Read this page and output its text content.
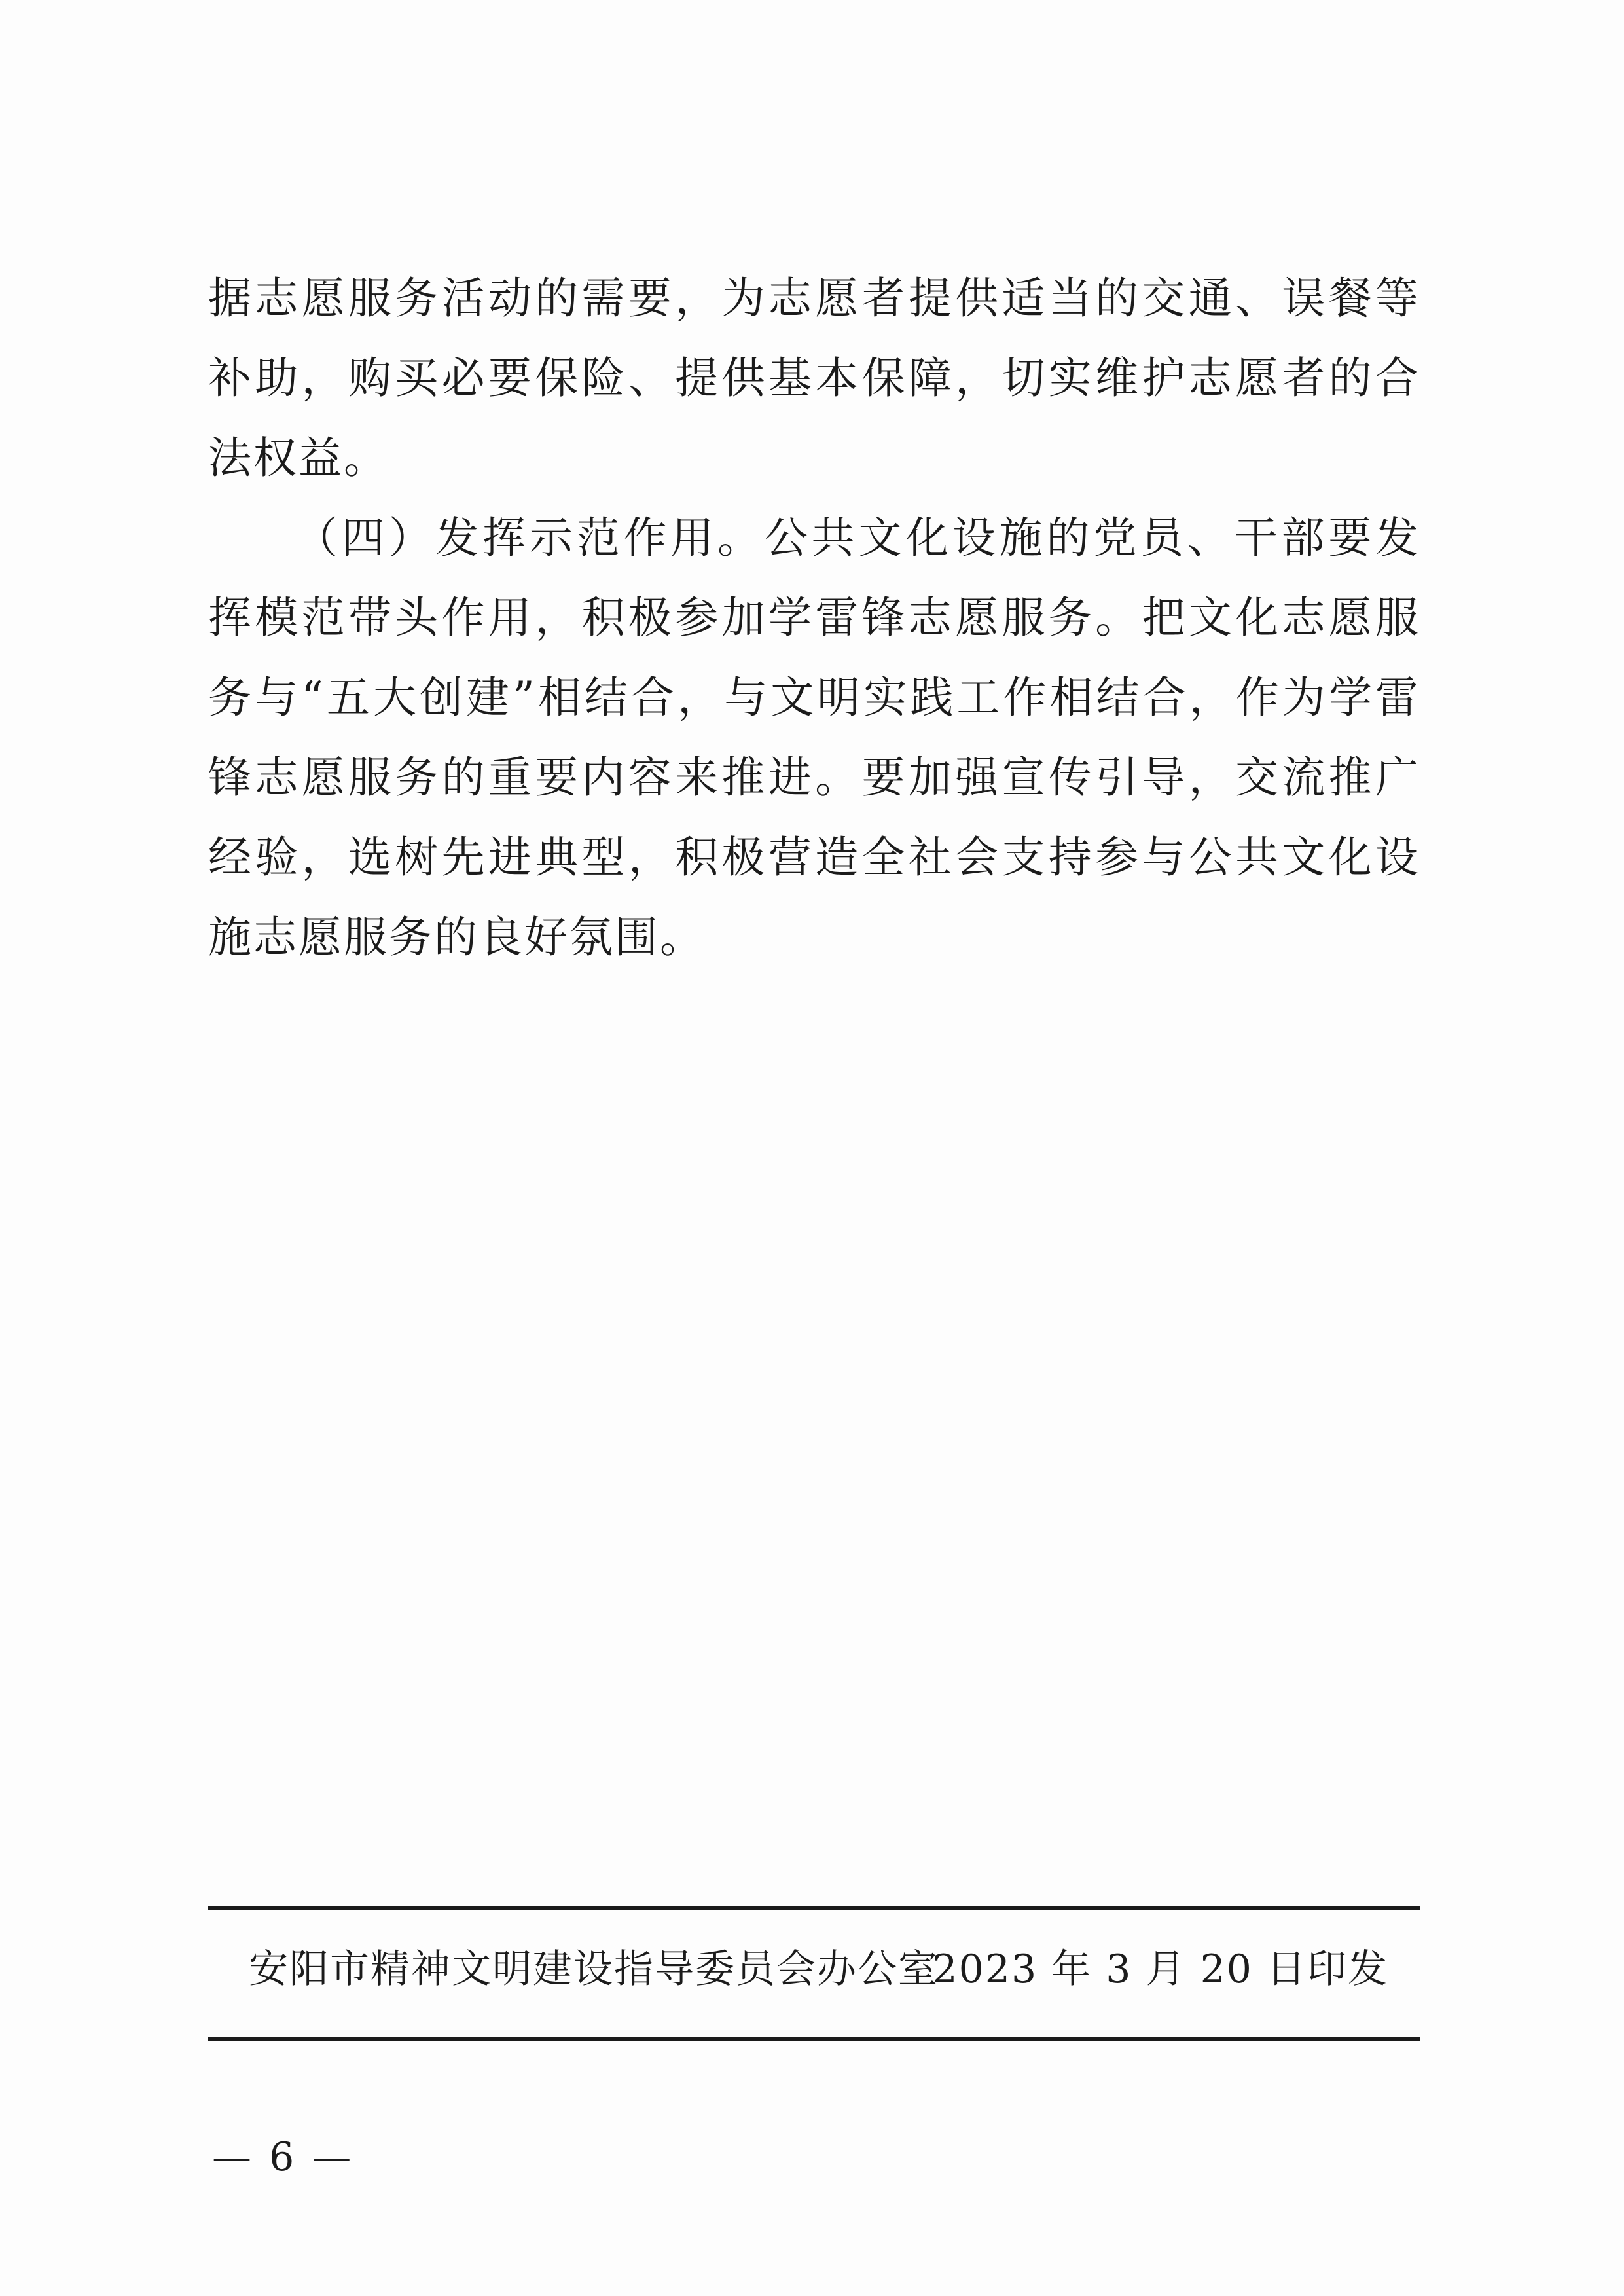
据志愿服务活动的需要，为志愿者提供适当的交通、误餐等补助，购买必要保险、提供基本保障，切实维护志愿者的合法权益。

（四）发挥示范作用。公共文化设施的党员、干部要发挥模范带头作用，积极参加学雷锋志愿服务。把文化志愿服务与“五大创建”相结合，与文明实践工作相结合，作为学雷锋志愿服务的重要内容来推进。要加强宣传引导，交流推广经验，选树先进典型，积极营造全社会支持参与公共文化设施志愿服务的良好氛围。

安阳市精神文明建设指导委员会办公室
2023 年 3 月 20 日印发
— 6 —
